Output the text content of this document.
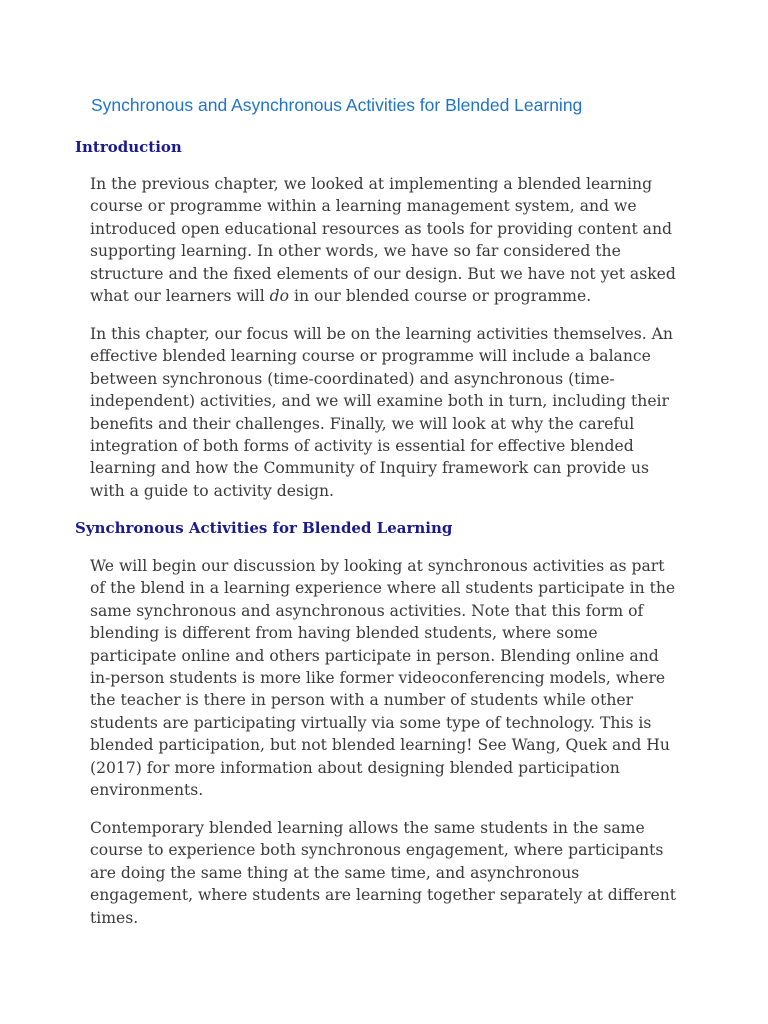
Synchronous and Asynchronous Activities for Blended Learning
Introduction

In the previous chapter, we looked at implementing a blended learning course or programme within a learning management system, and we introduced open educational resources as tools for providing content and supporting learning. In other words, we have so far considered the structure and the fixed elements of our design. But we have not yet asked what our learners will do in our blended course or programme.

In this chapter, our focus will be on the learning activities themselves. An effective blended learning course or programme will include a balance between synchronous (time-coordinated) and asynchronous (time-independent) activities, and we will examine both in turn, including their benefits and their challenges. Finally, we will look at why the careful integration of both forms of activity is essential for effective blended learning and how the Community of Inquiry framework can provide us with a guide to activity design.

Synchronous Activities for Blended Learning

We will begin our discussion by looking at synchronous activities as part of the blend in a learning experience where all students participate in the same synchronous and asynchronous activities. Note that this form of blending is different from having blended students, where some participate online and others participate in person. Blending online and in-person students is more like former videoconferencing models, where the teacher is there in person with a number of students while other students are participating virtually via some type of technology. This is blended participation, but not blended learning! See Wang, Quek and Hu (2017) for more information about designing blended participation environments.

Contemporary blended learning allows the same students in the same course to experience both synchronous engagement, where participants are doing the same thing at the same time, and asynchronous engagement, where students are learning together separately at different times.
